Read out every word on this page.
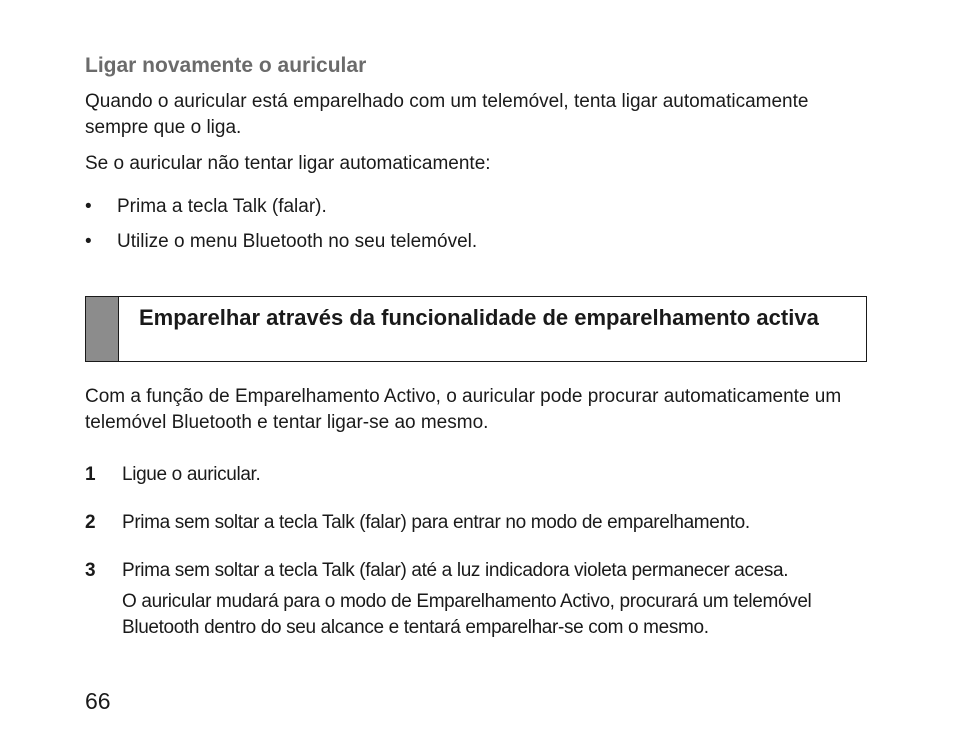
Ligar novamente o auricular

Quando o auricular está emparelhado com um telemóvel, tenta ligar automaticamente sempre que o liga.

Se o auricular não tentar ligar automaticamente:

•	Prima a tecla Talk (falar).
•	Utilize o menu Bluetooth no seu telemóvel.
Emparelhar através da funcionalidade de emparelhamento activa

Com a função de Emparelhamento Activo, o auricular pode procurar automaticamente um telemóvel Bluetooth e tentar ligar-se ao mesmo.

1	Ligue o auricular.
2	Prima sem soltar a tecla Talk (falar) para entrar no modo de emparelhamento.
3	Prima sem soltar a tecla Talk (falar) até a luz indicadora violeta permanecer acesa.

O auricular mudará para o modo de Emparelhamento Activo, procurará um telemóvel Bluetooth dentro do seu alcance e tentará emparelhar-se com o mesmo.

66
